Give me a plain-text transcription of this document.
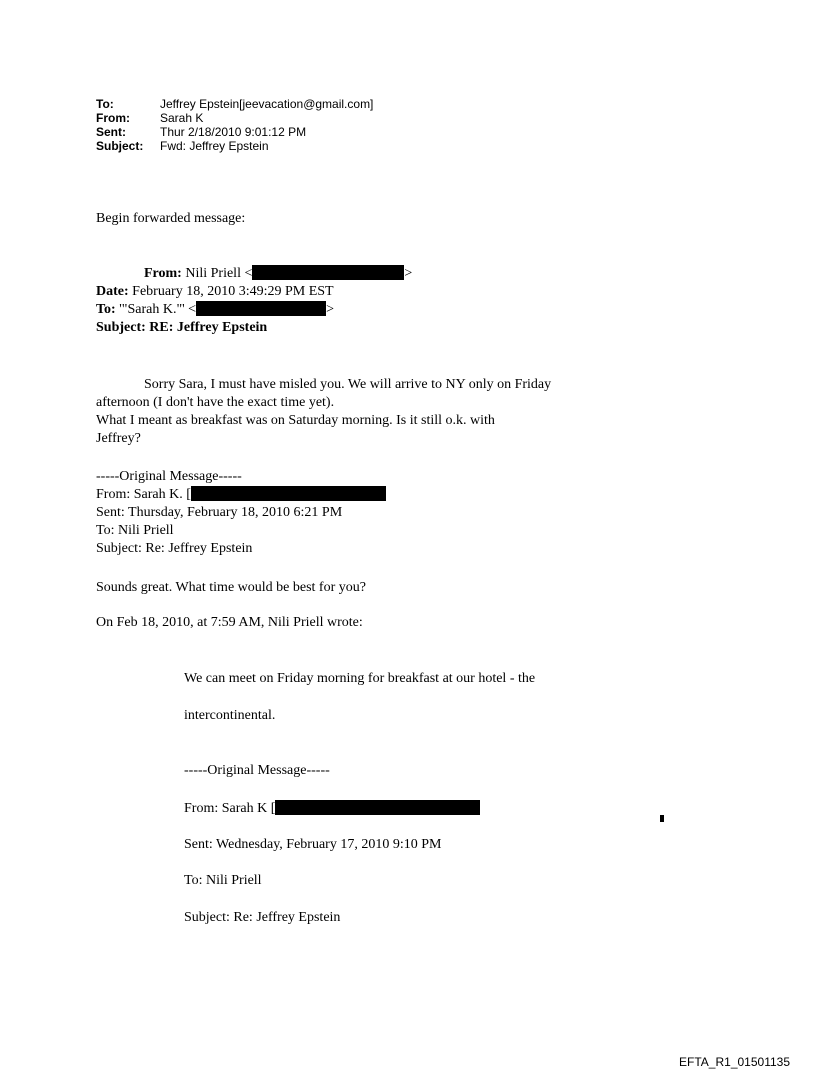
To:	Jeffrey Epstein[jeevacation@gmail.com]
From:	Sarah K
Sent:	Thur 2/18/2010 9:01:12 PM
Subject:	Fwd: Jeffrey Epstein
Begin forwarded message:
From: Nili Priell <	>
Date: February 18, 2010 3:49:29 PM EST
To: '"Sarah K."' <	>
Subject: RE: Jeffrey Epstein
Sorry Sara, I must have misled you. We will arrive to NY only on Friday
afternoon (I don't have the exact time yet).
What I meant as breakfast was on Saturday morning. Is it still o.k. with
Jeffrey?
-----Original Message-----
From: Sarah K. [
Sent: Thursday, February 18, 2010 6:21 PM
To: Nili Priell
Subject: Re: Jeffrey Epstein
Sounds great. What time would be best for you?
On Feb 18, 2010, at 7:59 AM, Nili Priell wrote:
We can meet on Friday morning for breakfast at our hotel - the
intercontinental.
-----Original Message-----
From: Sarah K [
Sent: Wednesday, February 17, 2010 9:10 PM
To: Nili Priell
Subject: Re: Jeffrey Epstein
EFTA_R1_01501135
